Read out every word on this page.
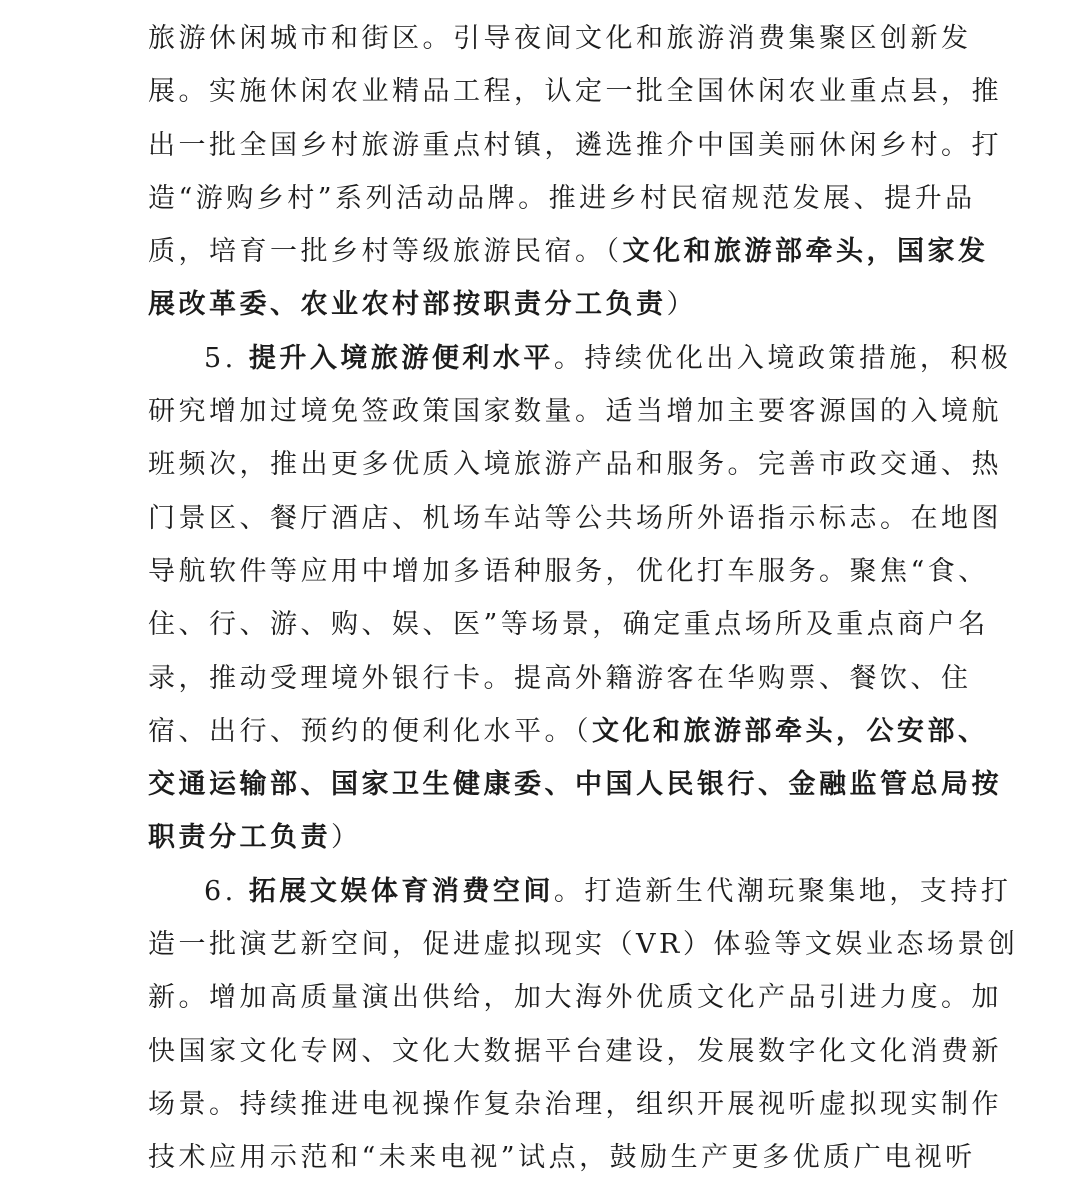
旅游休闲城市和街区。引导夜间文化和旅游消费集聚区创新发
展。实施休闲农业精品工程，认定一批全国休闲农业重点县，推
出一批全国乡村旅游重点村镇，遴选推介中国美丽休闲乡村。打
造“游购乡村”系列活动品牌。推进乡村民宿规范发展、提升品
质，培育一批乡村等级旅游民宿。（文化和旅游部牵头，国家发
展改革委、农业农村部按职责分工负责）
5. 提升入境旅游便利水平。持续优化出入境政策措施，积极
研究增加过境免签政策国家数量。适当增加主要客源国的入境航
班频次，推出更多优质入境旅游产品和服务。完善市政交通、热
门景区、餐厅酒店、机场车站等公共场所外语指示标志。在地图
导航软件等应用中增加多语种服务，优化打车服务。聚焦“食、
住、行、游、购、娱、医”等场景，确定重点场所及重点商户名
录，推动受理境外银行卡。提高外籍游客在华购票、餐饮、住
宿、出行、预约的便利化水平。（文化和旅游部牵头，公安部、
交通运输部、国家卫生健康委、中国人民银行、金融监管总局按
职责分工负责）
6. 拓展文娱体育消费空间。打造新生代潮玩聚集地，支持打
造一批演艺新空间，促进虚拟现实（VR）体验等文娱业态场景创
新。增加高质量演出供给，加大海外优质文化产品引进力度。加
快国家文化专网、文化大数据平台建设，发展数字化文化消费新
场景。持续推进电视操作复杂治理，组织开展视听虚拟现实制作
技术应用示范和“未来电视”试点，鼓励生产更多优质广电视听
